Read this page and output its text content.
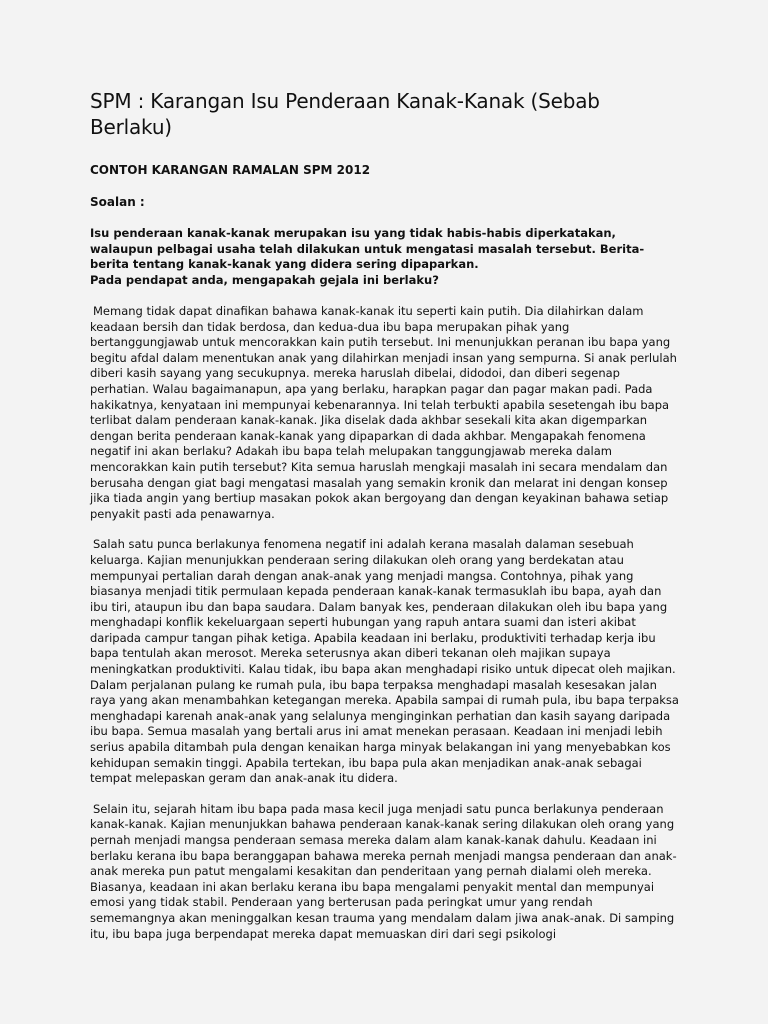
SPM : Karangan Isu Penderaan Kanak-Kanak (Sebab Berlaku)
CONTOH KARANGAN RAMALAN SPM 2012
Soalan :

Isu penderaan kanak-kanak merupakan isu yang tidak habis-habis diperkatakan, walaupun pelbagai usaha telah dilakukan untuk mengatasi masalah tersebut. Berita-berita tentang kanak-kanak yang didera sering dipaparkan.

Pada pendapat anda, mengapakah gejala ini berlaku?

Memang tidak dapat dinafikan bahawa kanak-kanak itu seperti kain putih. Dia dilahirkan dalam keadaan bersih dan tidak berdosa, dan kedua-dua ibu bapa merupakan pihak yang bertanggungjawab untuk mencorakkan kain putih tersebut. Ini menunjukkan peranan ibu bapa yang begitu afdal dalam menentukan anak yang dilahirkan menjadi insan yang sempurna. Si anak perlulah diberi kasih sayang yang secukupnya. mereka haruslah dibelai, didodoi, dan diberi segenap perhatian. Walau bagaimanapun, apa yang berlaku, harapkan pagar dan pagar makan padi. Pada hakikatnya, kenyataan ini mempunyai kebenarannya. Ini telah terbukti apabila sesetengah ibu bapa terlibat dalam penderaan kanak-kanak. Jika diselak dada akhbar sesekali kita akan digemparkan dengan berita penderaan kanak-kanak yang dipaparkan di dada akhbar. Mengapakah fenomena negatif ini akan berlaku? Adakah ibu bapa telah melupakan tanggungjawab mereka dalam mencorakkan kain putih tersebut? Kita semua haruslah mengkaji masalah ini secara mendalam dan berusaha dengan giat bagi mengatasi masalah yang semakin kronik dan melarat ini dengan konsep jika tiada angin yang bertiup masakan pokok akan bergoyang dan dengan keyakinan bahawa setiap penyakit pasti ada penawarnya.

Salah satu punca berlakunya fenomena negatif ini adalah kerana masalah dalaman sesebuah keluarga. Kajian menunjukkan penderaan sering dilakukan oleh orang yang berdekatan atau mempunyai pertalian darah dengan anak-anak yang menjadi mangsa. Contohnya, pihak yang biasanya menjadi titik permulaan kepada penderaan kanak-kanak termasuklah ibu bapa, ayah dan ibu tiri, ataupun ibu dan bapa saudara. Dalam banyak kes, penderaan dilakukan oleh ibu bapa yang menghadapi konflik kekeluargaan seperti hubungan yang rapuh antara suami dan isteri akibat daripada campur tangan pihak ketiga. Apabila keadaan ini berlaku, produktiviti terhadap kerja ibu bapa tentulah akan merosot. Mereka seterusnya akan diberi tekanan oleh majikan supaya meningkatkan produktiviti. Kalau tidak, ibu bapa akan menghadapi risiko untuk dipecat oleh majikan. Dalam perjalanan pulang ke rumah pula, ibu bapa terpaksa menghadapi masalah kesesakan jalan raya yang akan menambahkan ketegangan mereka. Apabila sampai di rumah pula, ibu bapa terpaksa menghadapi karenah anak-anak yang selalunya menginginkan perhatian dan kasih sayang daripada ibu bapa. Semua masalah yang bertali arus ini amat menekan perasaan. Keadaan ini menjadi lebih serius apabila ditambah pula dengan kenaikan harga minyak belakangan ini yang menyebabkan kos kehidupan semakin tinggi. Apabila tertekan, ibu bapa pula akan menjadikan anak-anak sebagai tempat melepaskan geram dan anak-anak itu didera.

Selain itu, sejarah hitam ibu bapa pada masa kecil juga menjadi satu punca berlakunya penderaan kanak-kanak. Kajian menunjukkan bahawa penderaan kanak-kanak sering dilakukan oleh orang yang pernah menjadi mangsa penderaan semasa mereka dalam alam kanak-kanak dahulu. Keadaan ini berlaku kerana ibu bapa beranggapan bahawa mereka pernah menjadi mangsa penderaan dan anak-anak mereka pun patut mengalami kesakitan dan penderitaan yang pernah dialami oleh mereka. Biasanya, keadaan ini akan berlaku kerana ibu bapa mengalami penyakit mental dan mempunyai emosi yang tidak stabil. Penderaan yang berterusan pada peringkat umur yang rendah sememangnya akan meninggalkan kesan trauma yang mendalam dalam jiwa anak-anak. Di samping itu, ibu bapa juga berpendapat mereka dapat memuaskan diri dari segi psikologi
